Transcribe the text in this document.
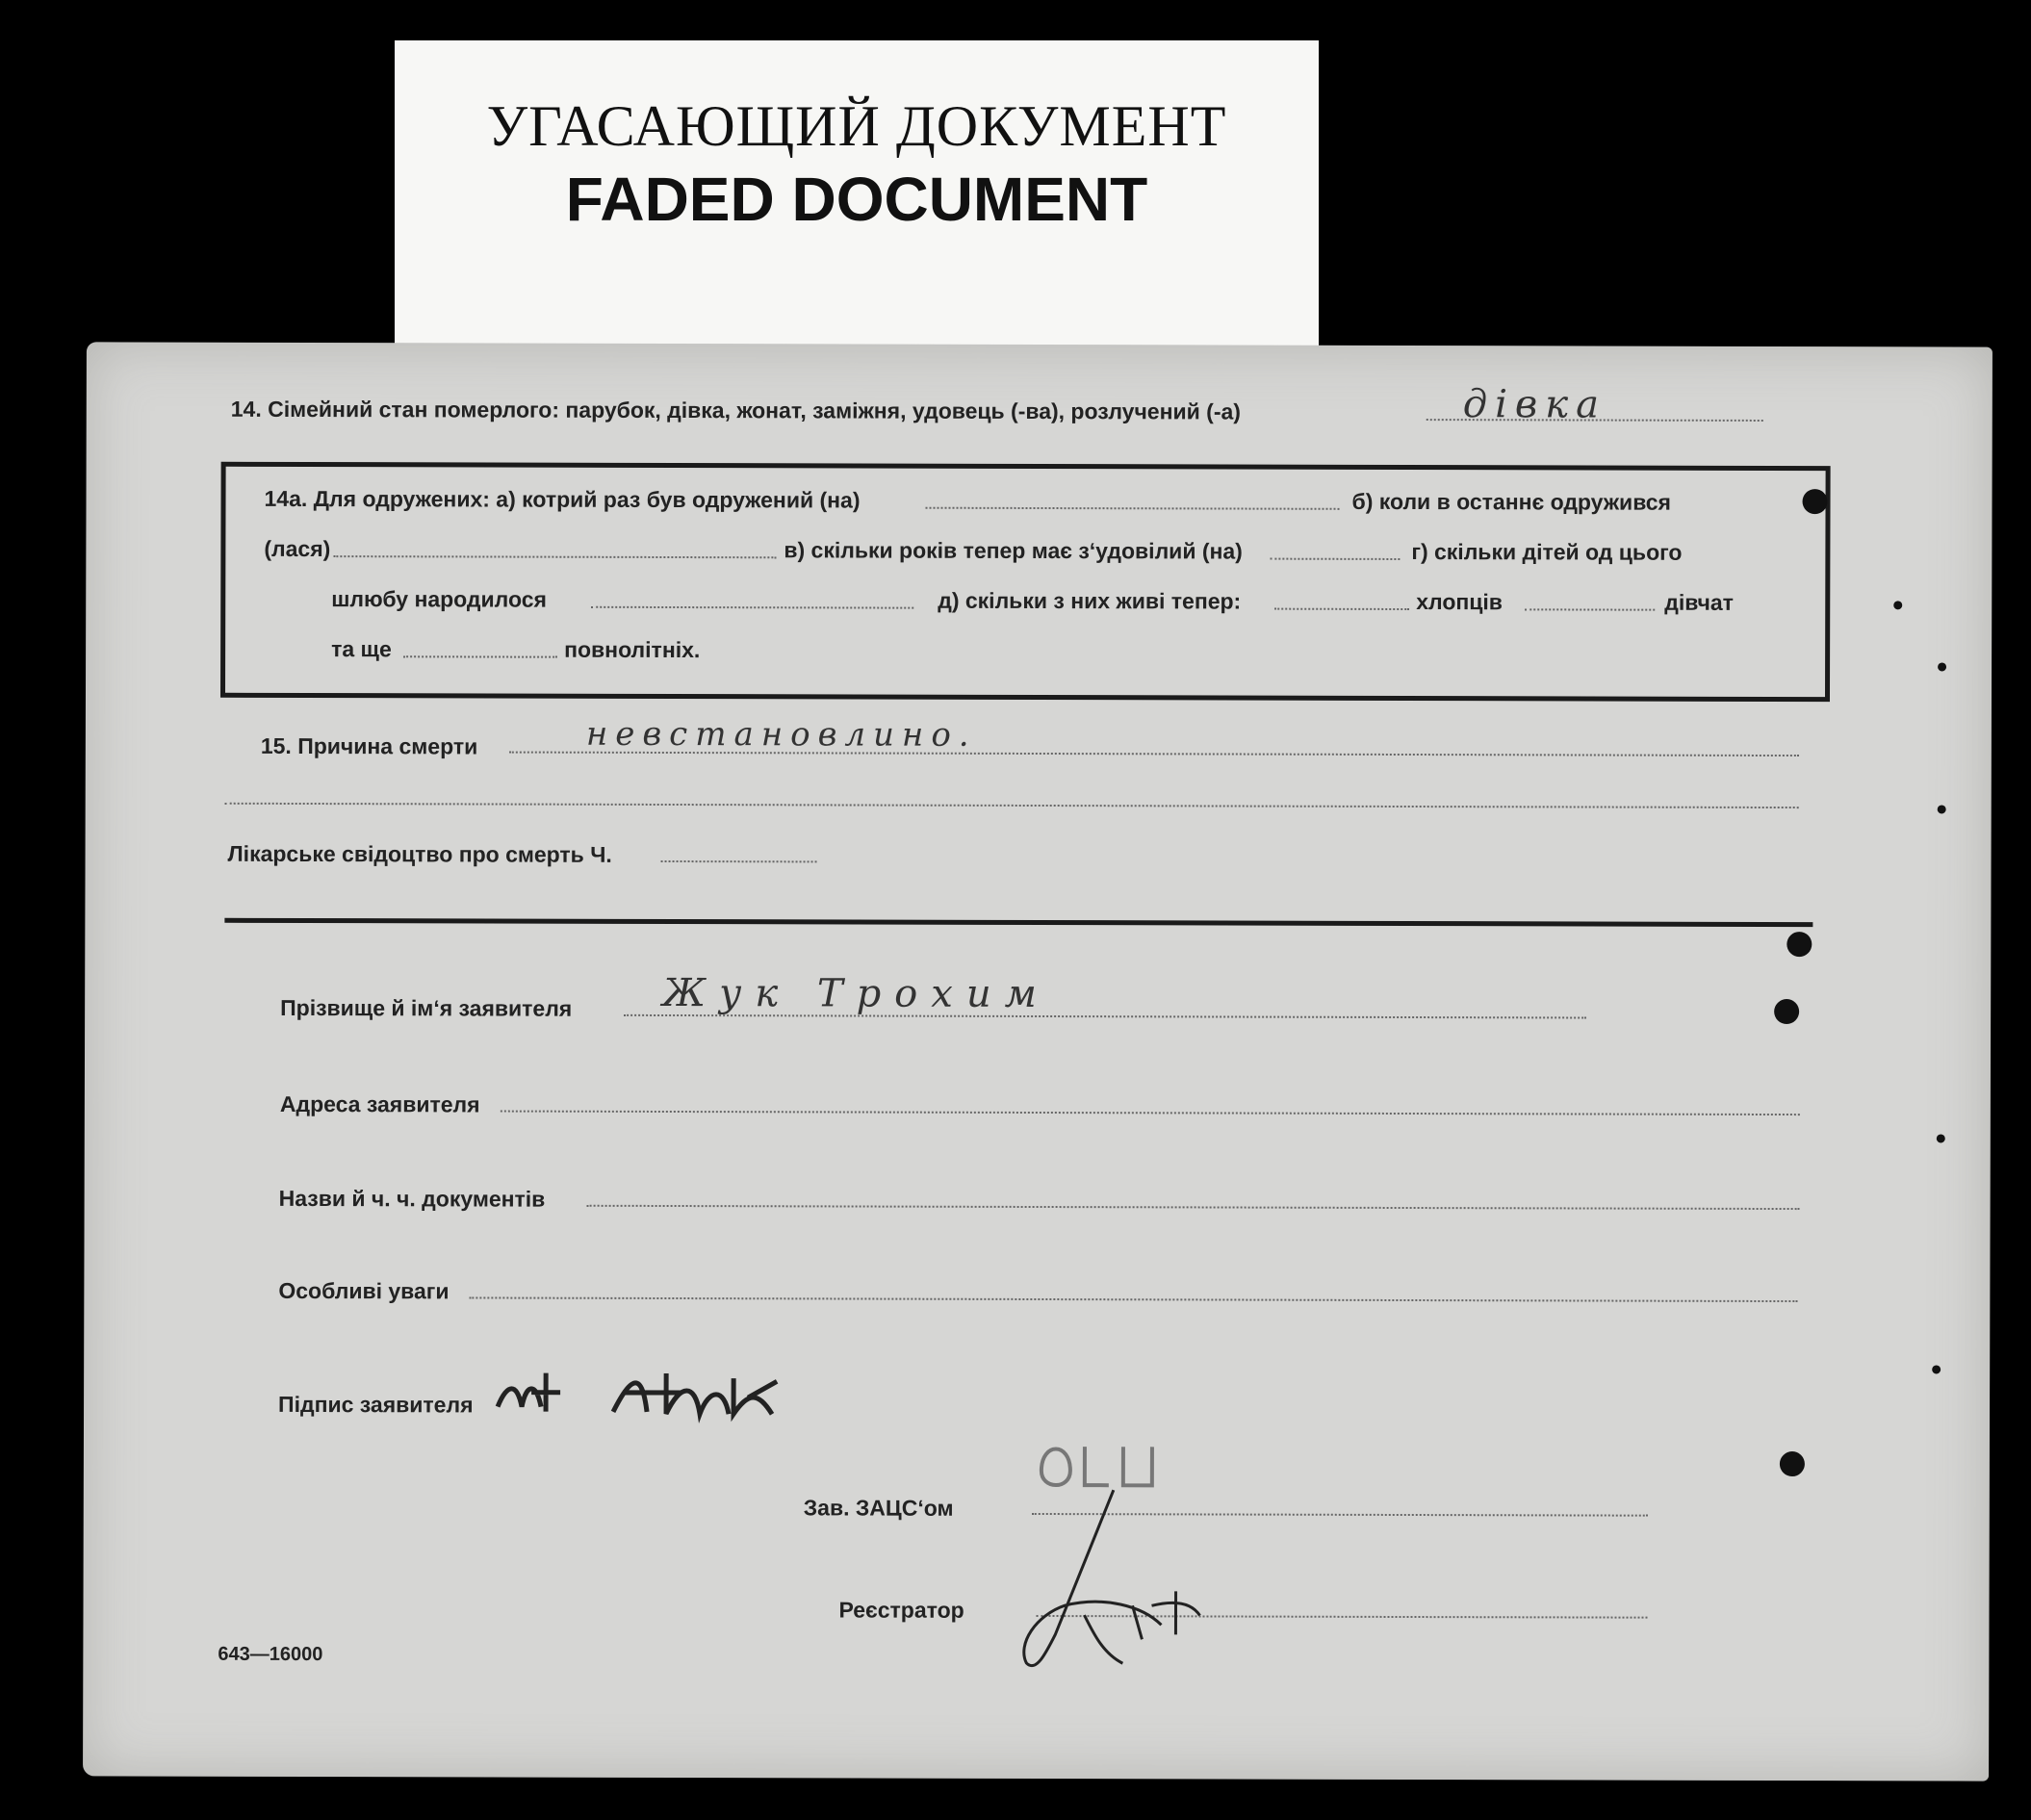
УГАСАЮЩИЙ ДОКУМЕНТ
FADED DOCUMENT
14. Сімейний стан померлого: парубок, дівка, жонат, заміжня, удовець (-ва), розлучений (-а)	дівка
14а. Для одружених: а) котрий раз був одружений (на)	б) коли в останнє одружився
(лася)	в) скільки років тепер має з‘удовілий (на)	г) скільки дітей од цього
шлюбу народилося	д) скільки з них живі тепер:	хлопців	дівчат
та ще	повнолітніх.
15. Причина смерти	невстановлино.
Лікарське свідоцтво про смерть Ч.
Прізвище й ім‘я заявителя Жук Трохим
Адреса заявителя
Назви й ч. ч. документів
Особливі уваги
Підпис заявителя
Зав. ЗАЦС‘ом
Реєстратор
643—16000
